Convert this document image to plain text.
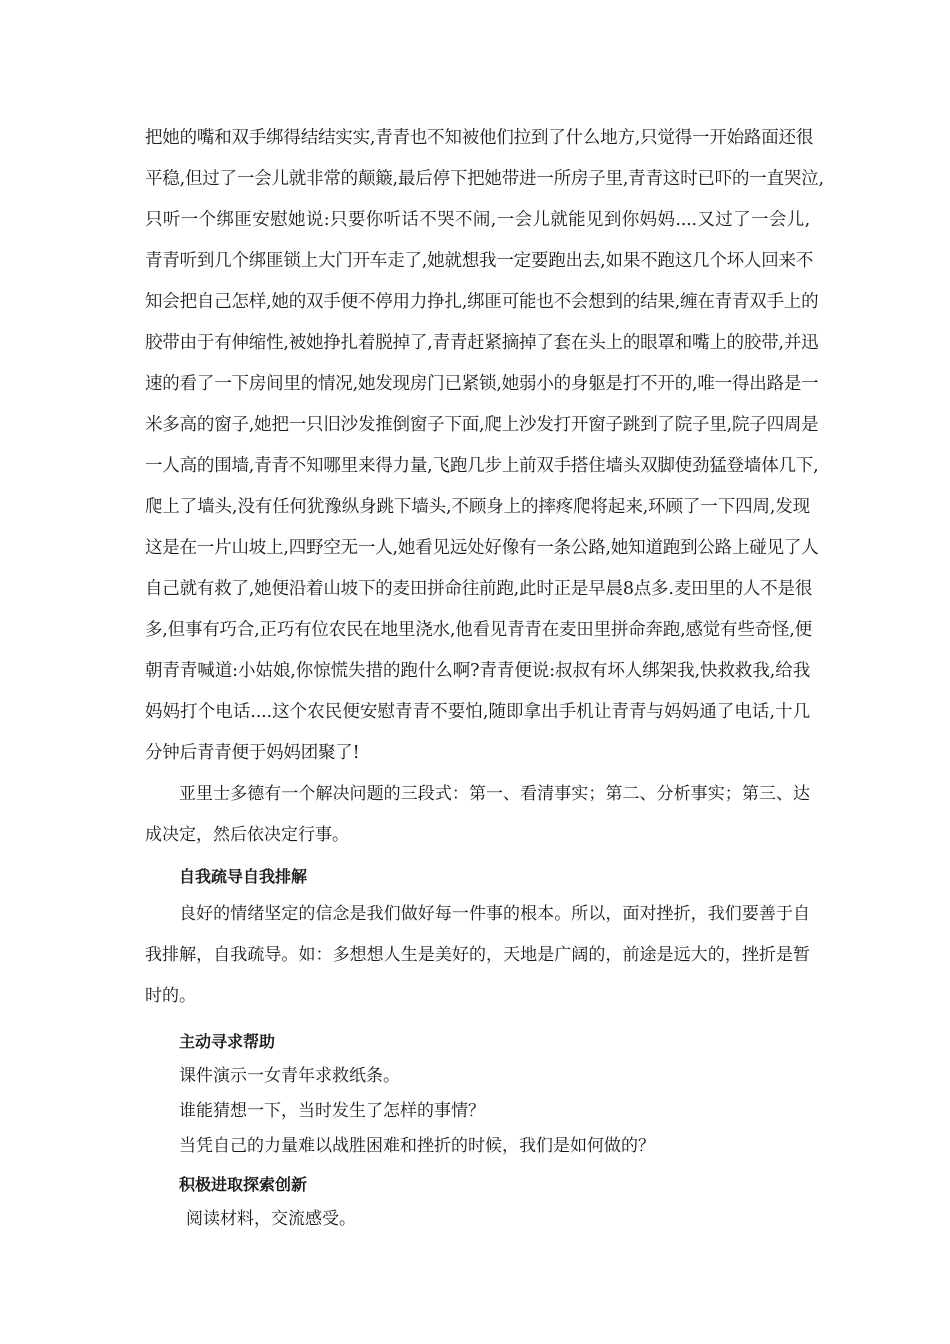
把她的嘴和双手绑得结结实实,青青也不知被他们拉到了什么地方,只觉得一开始路面还很
平稳,但过了一会儿就非常的颠簸,最后停下把她带进一所房子里,青青这时已吓的一直哭泣,
只听一个绑匪安慰她说:只要你听话不哭不闹,一会儿就能见到你妈妈....又过了一会儿,
青青听到几个绑匪锁上大门开车走了,她就想我一定要跑出去,如果不跑这几个坏人回来不
知会把自己怎样,她的双手便不停用力挣扎,绑匪可能也不会想到的结果,缠在青青双手上的
胶带由于有伸缩性,被她挣扎着脱掉了,青青赶紧摘掉了套在头上的眼罩和嘴上的胶带,并迅
速的看了一下房间里的情况,她发现房门已紧锁,她弱小的身躯是打不开的,唯一得出路是一
米多高的窗子,她把一只旧沙发推倒窗子下面,爬上沙发打开窗子跳到了院子里,院子四周是
一人高的围墙,青青不知哪里来得力量,飞跑几步上前双手搭住墙头双脚使劲猛登墙体几下,
爬上了墙头,没有任何犹豫纵身跳下墙头,不顾身上的摔疼爬将起来,环顾了一下四周,发现
这是在一片山坡上,四野空无一人,她看见远处好像有一条公路,她知道跑到公路上碰见了人
自己就有救了,她便沿着山坡下的麦田拼命往前跑,此时正是早晨8点多.麦田里的人不是很
多,但事有巧合,正巧有位农民在地里浇水,他看见青青在麦田里拼命奔跑,感觉有些奇怪,便
朝青青喊道:小姑娘,你惊慌失措的跑什么啊?青青便说:叔叔有坏人绑架我,快救救我,给我
妈妈打个电话....这个农民便安慰青青不要怕,随即拿出手机让青青与妈妈通了电话,十几
分钟后青青便于妈妈团聚了!
亚里士多德有一个解决问题的三段式：第一、看清事实；第二、分析事实；第三、达
成决定，然后依决定行事。
自我疏导自我排解
良好的情绪坚定的信念是我们做好每一件事的根本。所以，面对挫折，我们要善于自
我排解，自我疏导。如：多想想人生是美好的，天地是广阔的，前途是远大的，挫折是暂
时的。
主动寻求帮助
课件演示一女青年求救纸条。
谁能猜想一下，当时发生了怎样的事情？
当凭自己的力量难以战胜困难和挫折的时候，我们是如何做的？
积极进取探索创新
阅读材料，交流感受。
